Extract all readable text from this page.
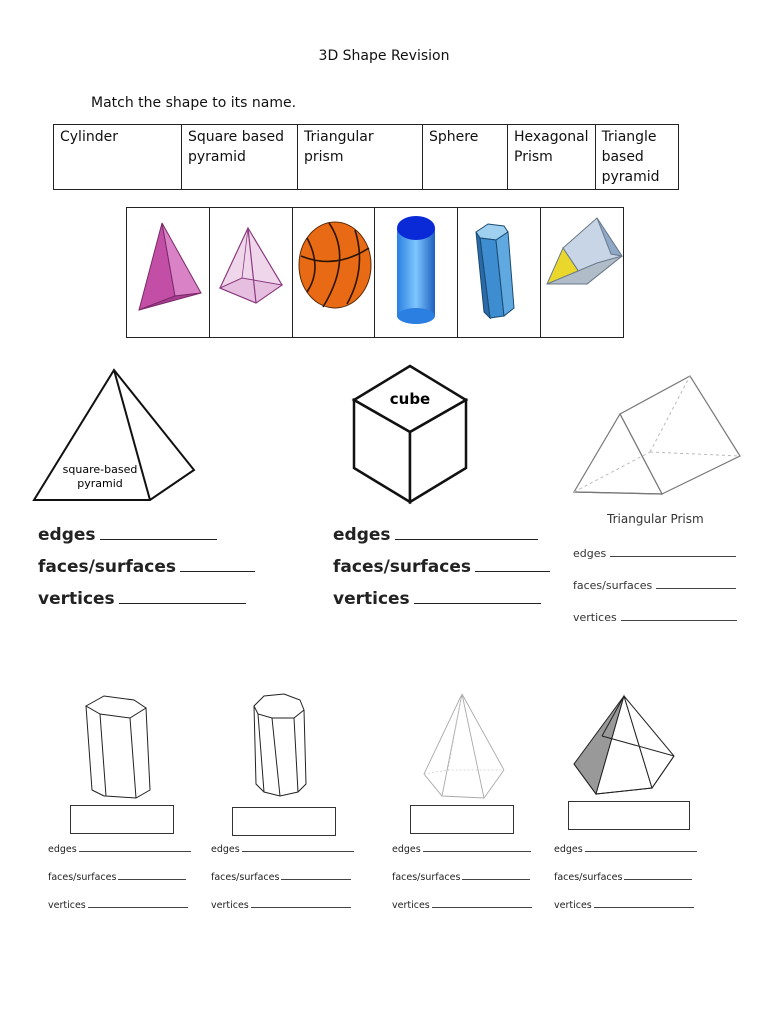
3D Shape Revision
Match the shape to its name.
Cylinder	Square based pyramid	Triangular prism	Sphere	Hexagonal Prism	Triangle based pyramid
square-based
pyramid
cube
Triangular Prism
edges
faces/surfaces
vertices
edges
faces/surfaces
vertices
edges
faces/surfaces
vertices
edges
faces/surfaces
vertices
edges
faces/surfaces
vertices
edges
faces/surfaces
vertices
edges
faces/surfaces
vertices
